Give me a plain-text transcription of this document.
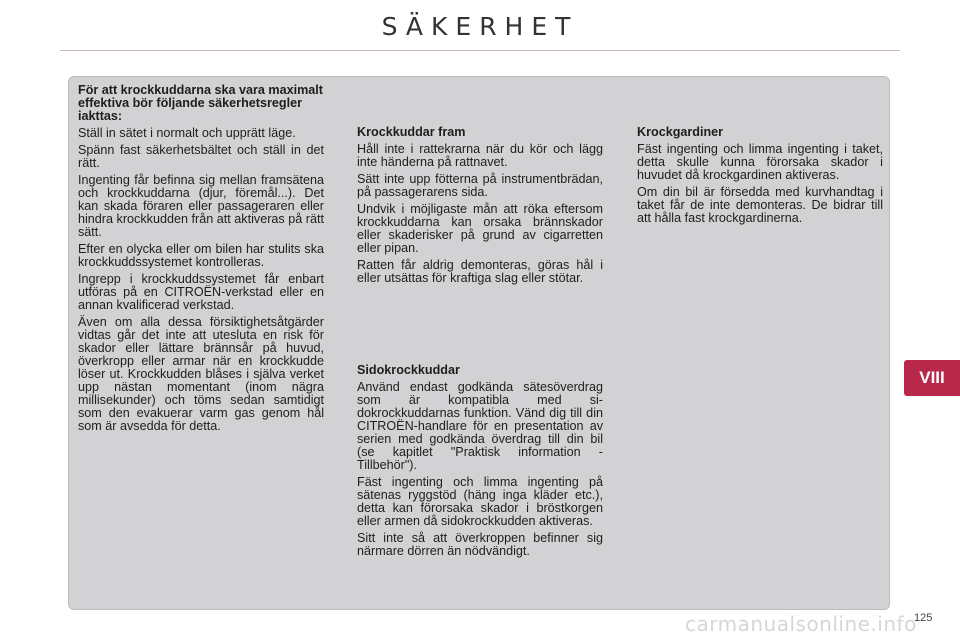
SÄKERHET
För att krockkuddarna ska vara maximalt effektiva bör följande säkerhetsregler iakttas:

Ställ in sätet i normalt och upprätt läge.

Spänn fast säkerhetsbältet och ställ in det rätt.

Ingenting får befinna sig mellan framsätena och krockkuddarna (djur, föremål...). Det kan skada föraren eller passageraren eller hindra krockkudden från att aktiveras på rätt sätt.

Efter en olycka eller om bilen har stulits ska krockkuddssystemet kontrolleras.

Ingrepp i krockkuddssystemet får enbart utföras på en CITROËN-verkstad eller en annan kvalificerad verkstad.

Även om alla dessa försiktighetsåtgärder vidtas går det inte att utesluta en risk för skador eller lättare brännsår på huvud, överkropp eller armar när en krockkudde löser ut. Krockkudden blåses i själva verket upp nästan momentant (inom nägra millisekunder) och töms sedan samtidigt som den evakuerar varm gas genom hål som är avsedda för detta.

Krockkuddar fram

Håll inte i rattekrarna när du kör och lägg inte händerna på rattnavet.

Sätt inte upp fötterna på instrumentbrädan, på passagerarens sida.

Undvik i möjligaste mån att röka eftersom krockkuddarna kan orsaka brännskador eller skaderisker på grund av cigarretten eller pipan.

Ratten får aldrig demonteras, göras hål i eller utsättas för kraftiga slag eller stötar.

Sidokrockkuddar

Använd endast godkända sätesöverdrag som är kompatibla med sidokrockkuddarnas funktion. Vänd dig till din CITROËN-handlare för en presentation av serien med godkända överdrag till din bil (se kapitlet "Praktisk information - Tillbehör").

Fäst ingenting och limma ingenting på sätenas ryggstöd (häng inga kläder etc.), detta kan förorsaka skador i bröstkorgen eller armen då sidokrockkudden aktiveras.

Sitt inte så att överkroppen befinner sig närmare dörren än nödvändigt.

Krockgardiner

Fäst ingenting och limma ingenting i taket, detta skulle kunna förorsaka skador i huvudet då krockgardinen aktiveras.

Om din bil är försedda med kurvhandtag i taket får de inte demonteras. De bidrar till att hålla fast krockgardinerna.

VIII
carmanualsonline.info
125
